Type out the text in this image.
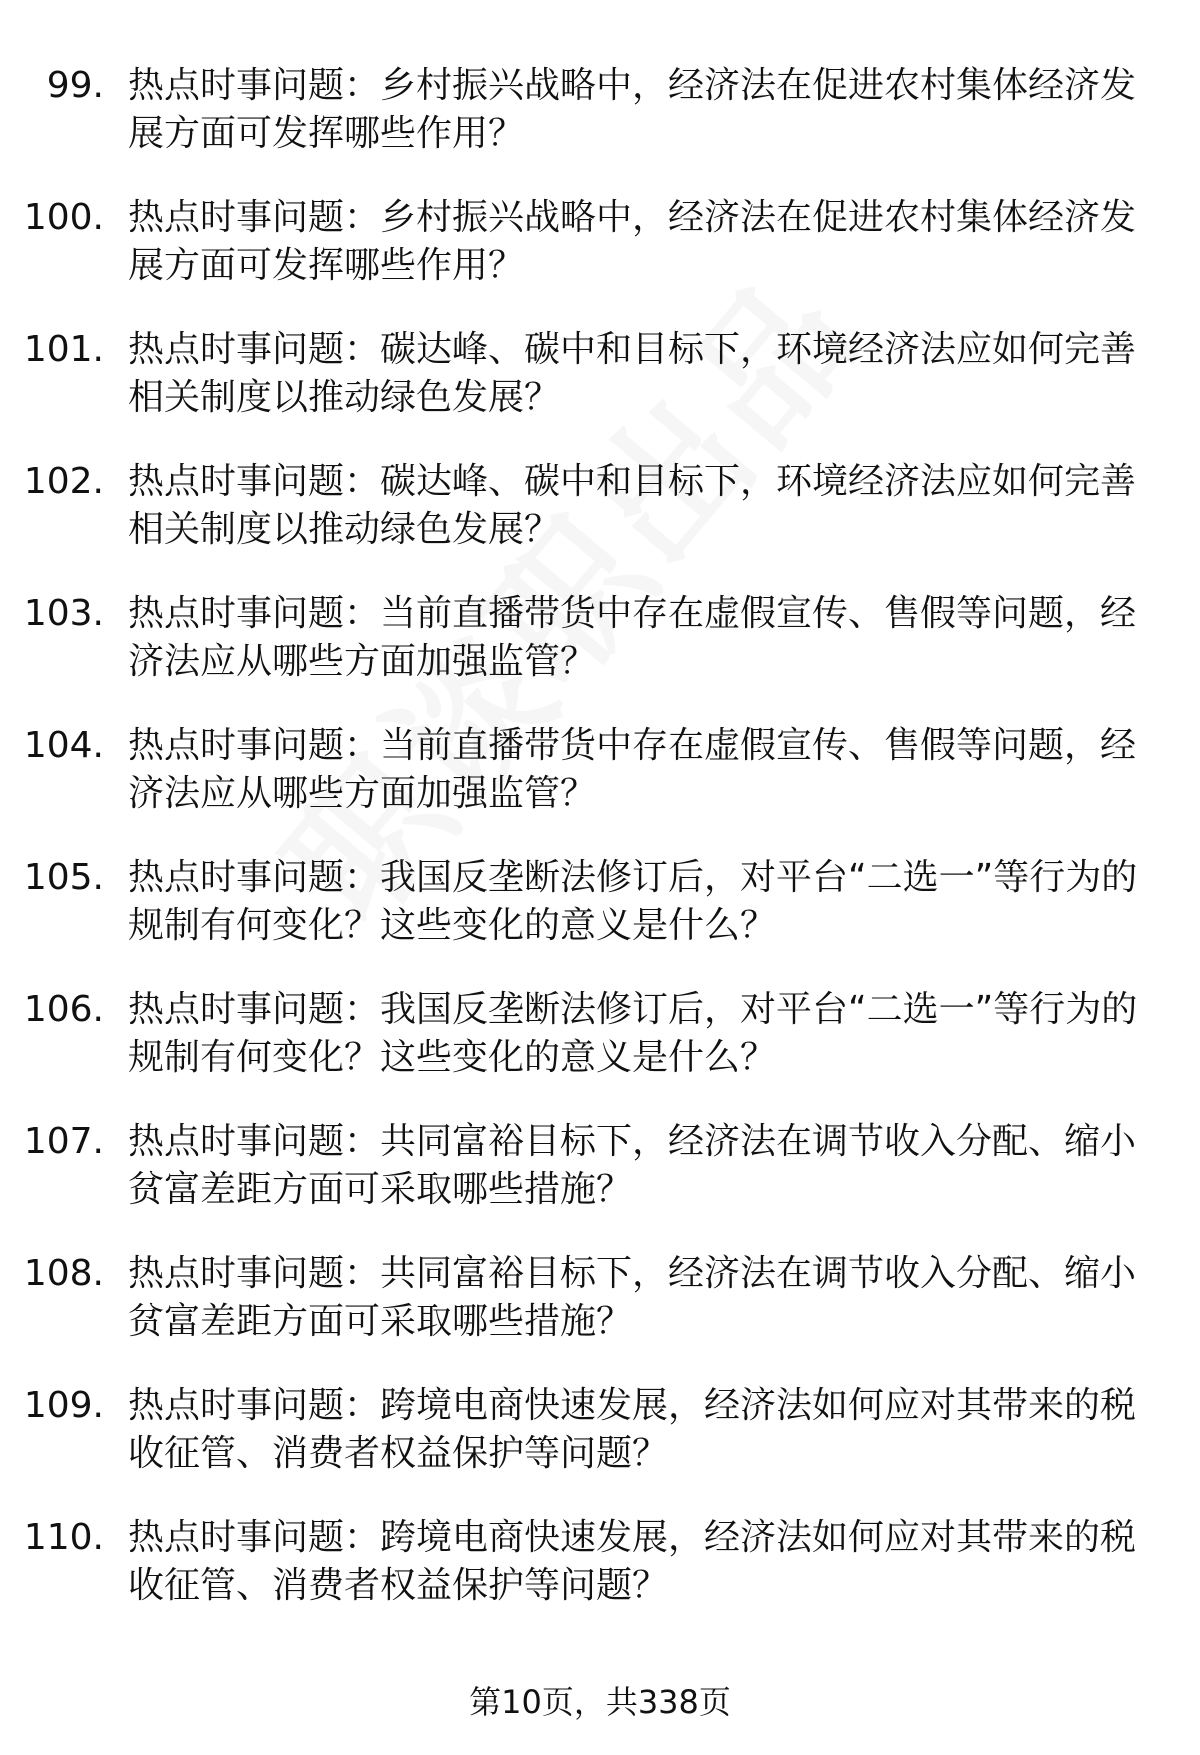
99. 热点时事问题：乡村振兴战略中，经济法在促进农村集体经济发展方面可发挥哪些作用？
100. 热点时事问题：乡村振兴战略中，经济法在促进农村集体经济发展方面可发挥哪些作用？
101. 热点时事问题：碳达峰、碳中和目标下，环境经济法应如何完善相关制度以推动绿色发展？
102. 热点时事问题：碳达峰、碳中和目标下，环境经济法应如何完善相关制度以推动绿色发展？
103. 热点时事问题：当前直播带货中存在虚假宣传、售假等问题，经济法应从哪些方面加强监管？
104. 热点时事问题：当前直播带货中存在虚假宣传、售假等问题，经济法应从哪些方面加强监管？
105. 热点时事问题：我国反垄断法修订后，对平台“二选一”等行为的规制有何变化？这些变化的意义是什么？
106. 热点时事问题：我国反垄断法修订后，对平台“二选一”等行为的规制有何变化？这些变化的意义是什么？
107. 热点时事问题：共同富裕目标下，经济法在调节收入分配、缩小贫富差距方面可采取哪些措施？
108. 热点时事问题：共同富裕目标下，经济法在调节收入分配、缩小贫富差距方面可采取哪些措施？
109. 热点时事问题：跨境电商快速发展，经济法如何应对其带来的税收征管、消费者权益保护等问题？
110. 热点时事问题：跨境电商快速发展，经济法如何应对其带来的税收征管、消费者权益保护等问题？
第10页，共338页
